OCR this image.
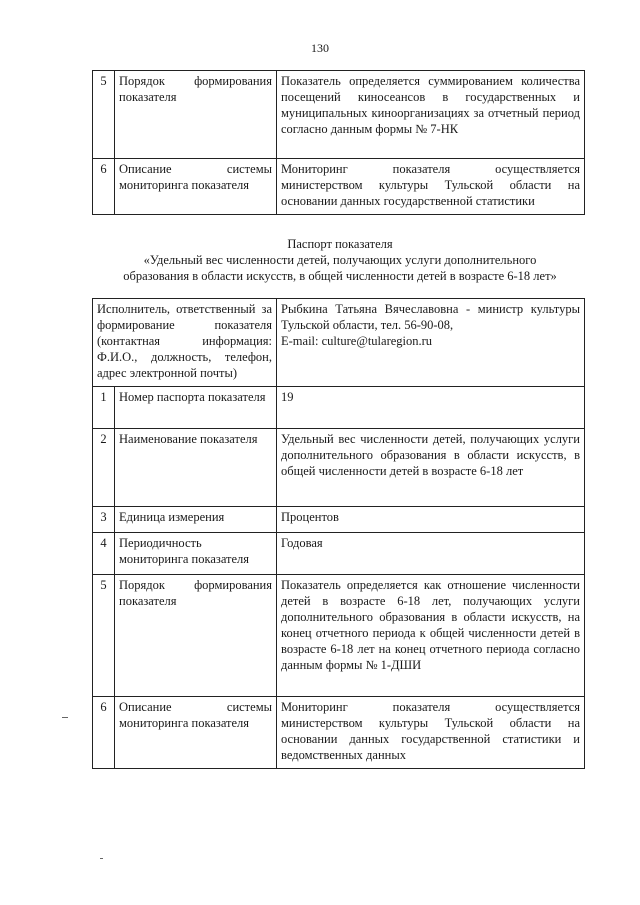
130
5	Порядок формирования показателя	Показатель определяется суммированием количества посещений киносеансов в государственных и муниципальных киноорганизациях за отчетный период согласно данным формы № 7-НК
6	Описание системы мониторинга показателя	Мониторинг показателя осуществляется министерством культуры Тульской области на основании данных государственной статистики
Паспорт показателя
«Удельный вес численности детей, получающих услуги дополнительного
образования в области искусств, в общей численности детей в возрасте 6-18 лет»
Исполнитель, ответственный за формирование показателя (контактная информация: Ф.И.О., должность, телефон, адрес электронной почты)		Рыбкина Татьяна Вячеславовна - министр культуры Тульской области, тел. 56-90-08,
E-mail: culture@tularegion.ru

1	Номер паспорта показателя	19
2	Наименование показателя	Удельный вес численности детей, получающих услуги дополнительного образования в области искусств, в общей численности детей в возрасте 6-18 лет
3	Единица измерения	Процентов
4	Периодичность мониторинга показателя	Годовая
5	Порядок формирования показателя	Показатель определяется как отношение численности детей в возрасте 6-18 лет, получающих услуги дополнительного образования в области искусств, на конец отчетного периода к общей численности детей в возрасте 6-18 лет на конец отчетного периода согласно данным формы № 1-ДШИ
6	Описание системы мониторинга показателя	Мониторинг показателя осуществляется министерством культуры Тульской области на основании данных государственной статистики и ведомственных данных
